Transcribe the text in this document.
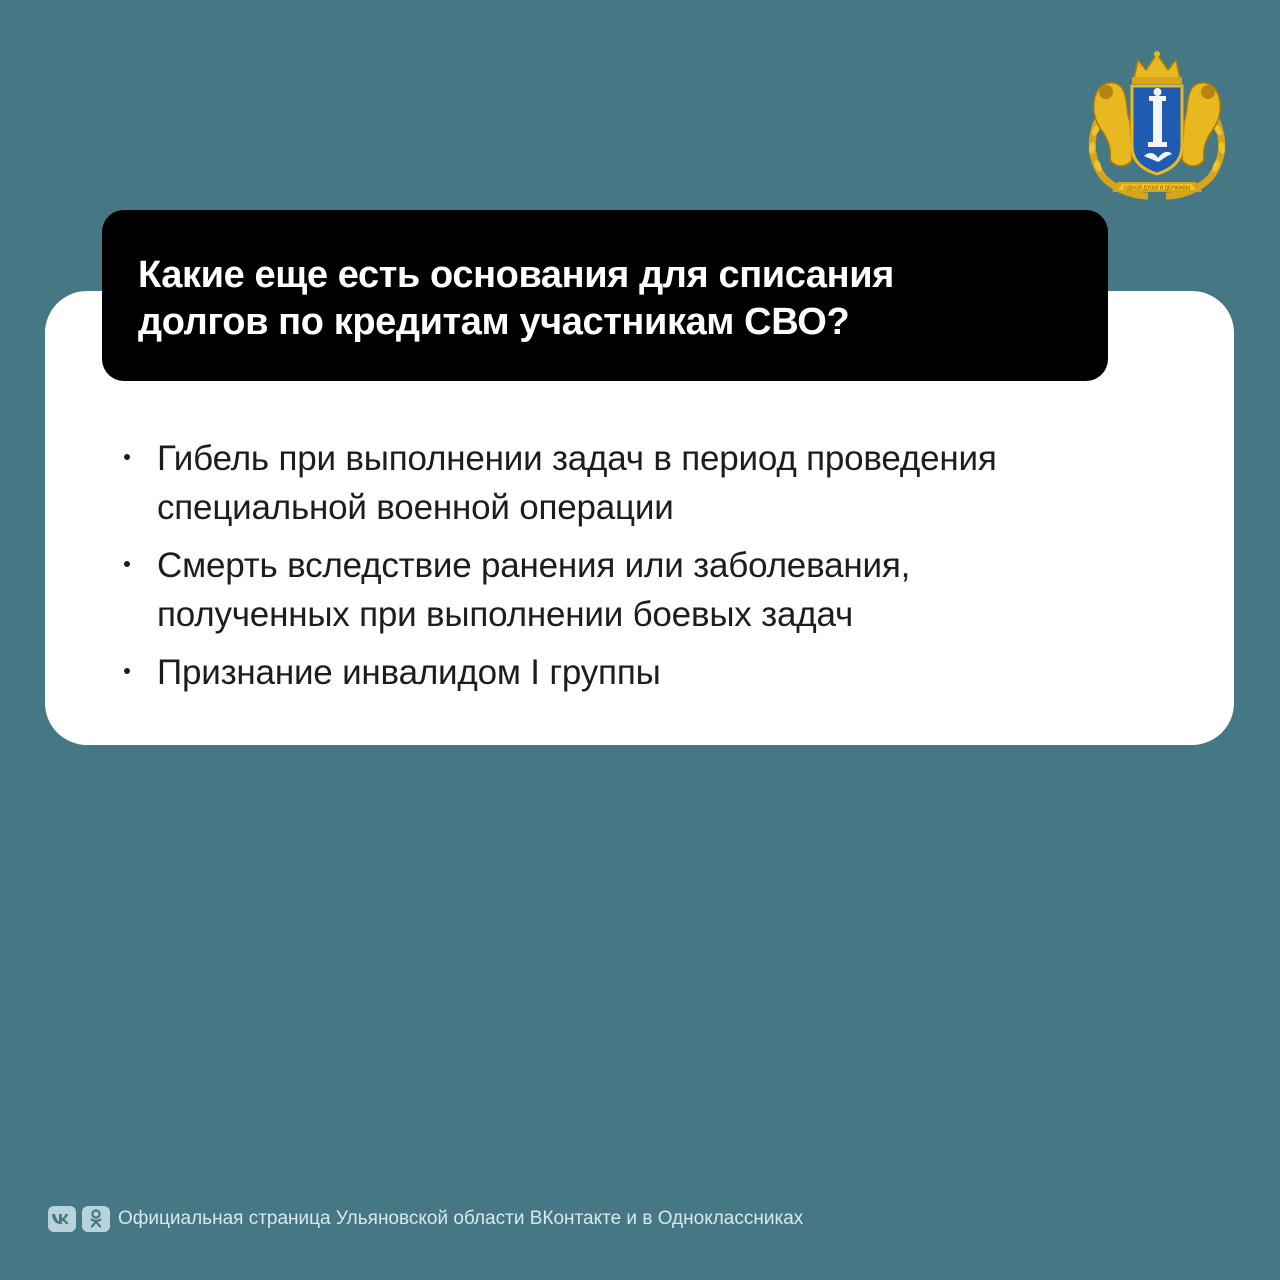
ОДНОЙ ДУШИ И ДЕРЖАВЫ
Какие еще есть основания для списания
долгов по кредитам участникам СВО?
Гибель при выполнении задач в период проведения
специальной военной операции
Смерть вследствие ранения или заболевания,
полученных при выполнении боевых задач
Признание инвалидом I группы
Официальная страница Ульяновской области ВКонтакте и в Одноклассниках
